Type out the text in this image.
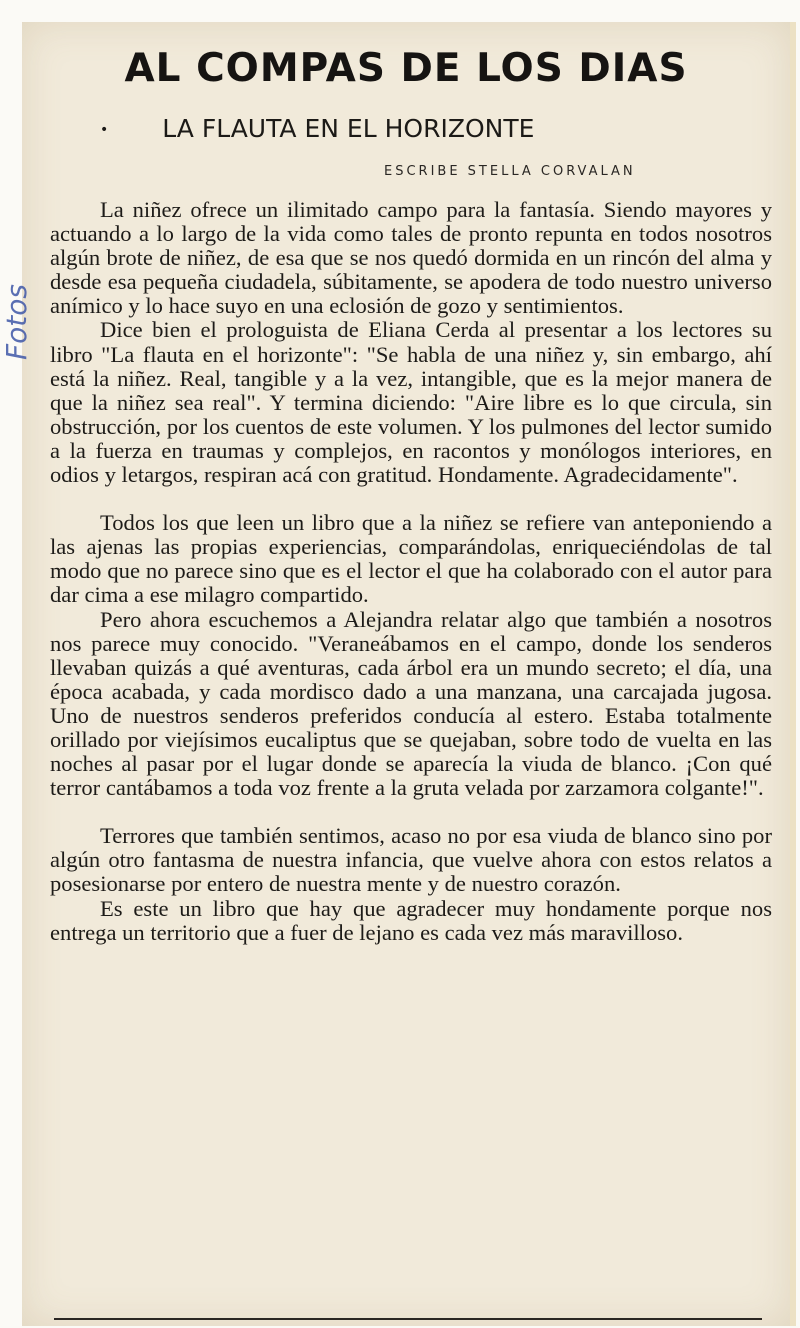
Fotos
AL COMPAS DE LOS DIAS
• LA FLAUTA EN EL HORIZONTE
ESCRIBE STELLA CORVALAN

La niñez ofrece un ilimitado campo para la fantasía. Siendo mayores y actuando a lo largo de la vida como tales de pronto repunta en todos nosotros algún brote de niñez, de esa que se nos quedó dormida en un rincón del alma y desde esa pequeña ciudadela, súbitamente, se apodera de todo nuestro universo anímico y lo hace suyo en una eclosión de gozo y sentimientos.

Dice bien el prologuista de Eliana Cerda al presentar a los lectores su libro "La flauta en el horizonte": "Se habla de una niñez y, sin embargo, ahí está la niñez. Real, tangible y a la vez, intangible, que es la mejor manera de que la niñez sea real". Y termina diciendo: "Aire libre es lo que circula, sin obstrucción, por los cuentos de este volumen. Y los pulmones del lector sumido a la fuerza en traumas y complejos, en racontos y monólogos interiores, en odios y letargos, respiran acá con gratitud. Hondamente. Agradecidamente".

Todos los que leen un libro que a la niñez se refiere van anteponiendo a las ajenas las propias experiencias, comparándolas, enriqueciéndolas de tal modo que no parece sino que es el lector el que ha colaborado con el autor para dar cima a ese milagro compartido.

Pero ahora escuchemos a Alejandra relatar algo que también a nosotros nos parece muy conocido. "Veraneábamos en el campo, donde los senderos llevaban quizás a qué aventuras, cada árbol era un mundo secreto; el día, una época acabada, y cada mordisco dado a una manzana, una carcajada jugosa. Uno de nuestros senderos preferidos conducía al estero. Estaba totalmente orillado por viejísimos eucaliptus que se quejaban, sobre todo de vuelta en las noches al pasar por el lugar donde se aparecía la viuda de blanco. ¡Con qué terror cantábamos a toda voz frente a la gruta velada por zarzamora colgante!".

Terrores que también sentimos, acaso no por esa viuda de blanco sino por algún otro fantasma de nuestra infancia, que vuelve ahora con estos relatos a posesionarse por entero de nuestra mente y de nuestro corazón.

Es este un libro que hay que agradecer muy hondamente porque nos entrega un territorio que a fuer de lejano es cada vez más maravilloso.
